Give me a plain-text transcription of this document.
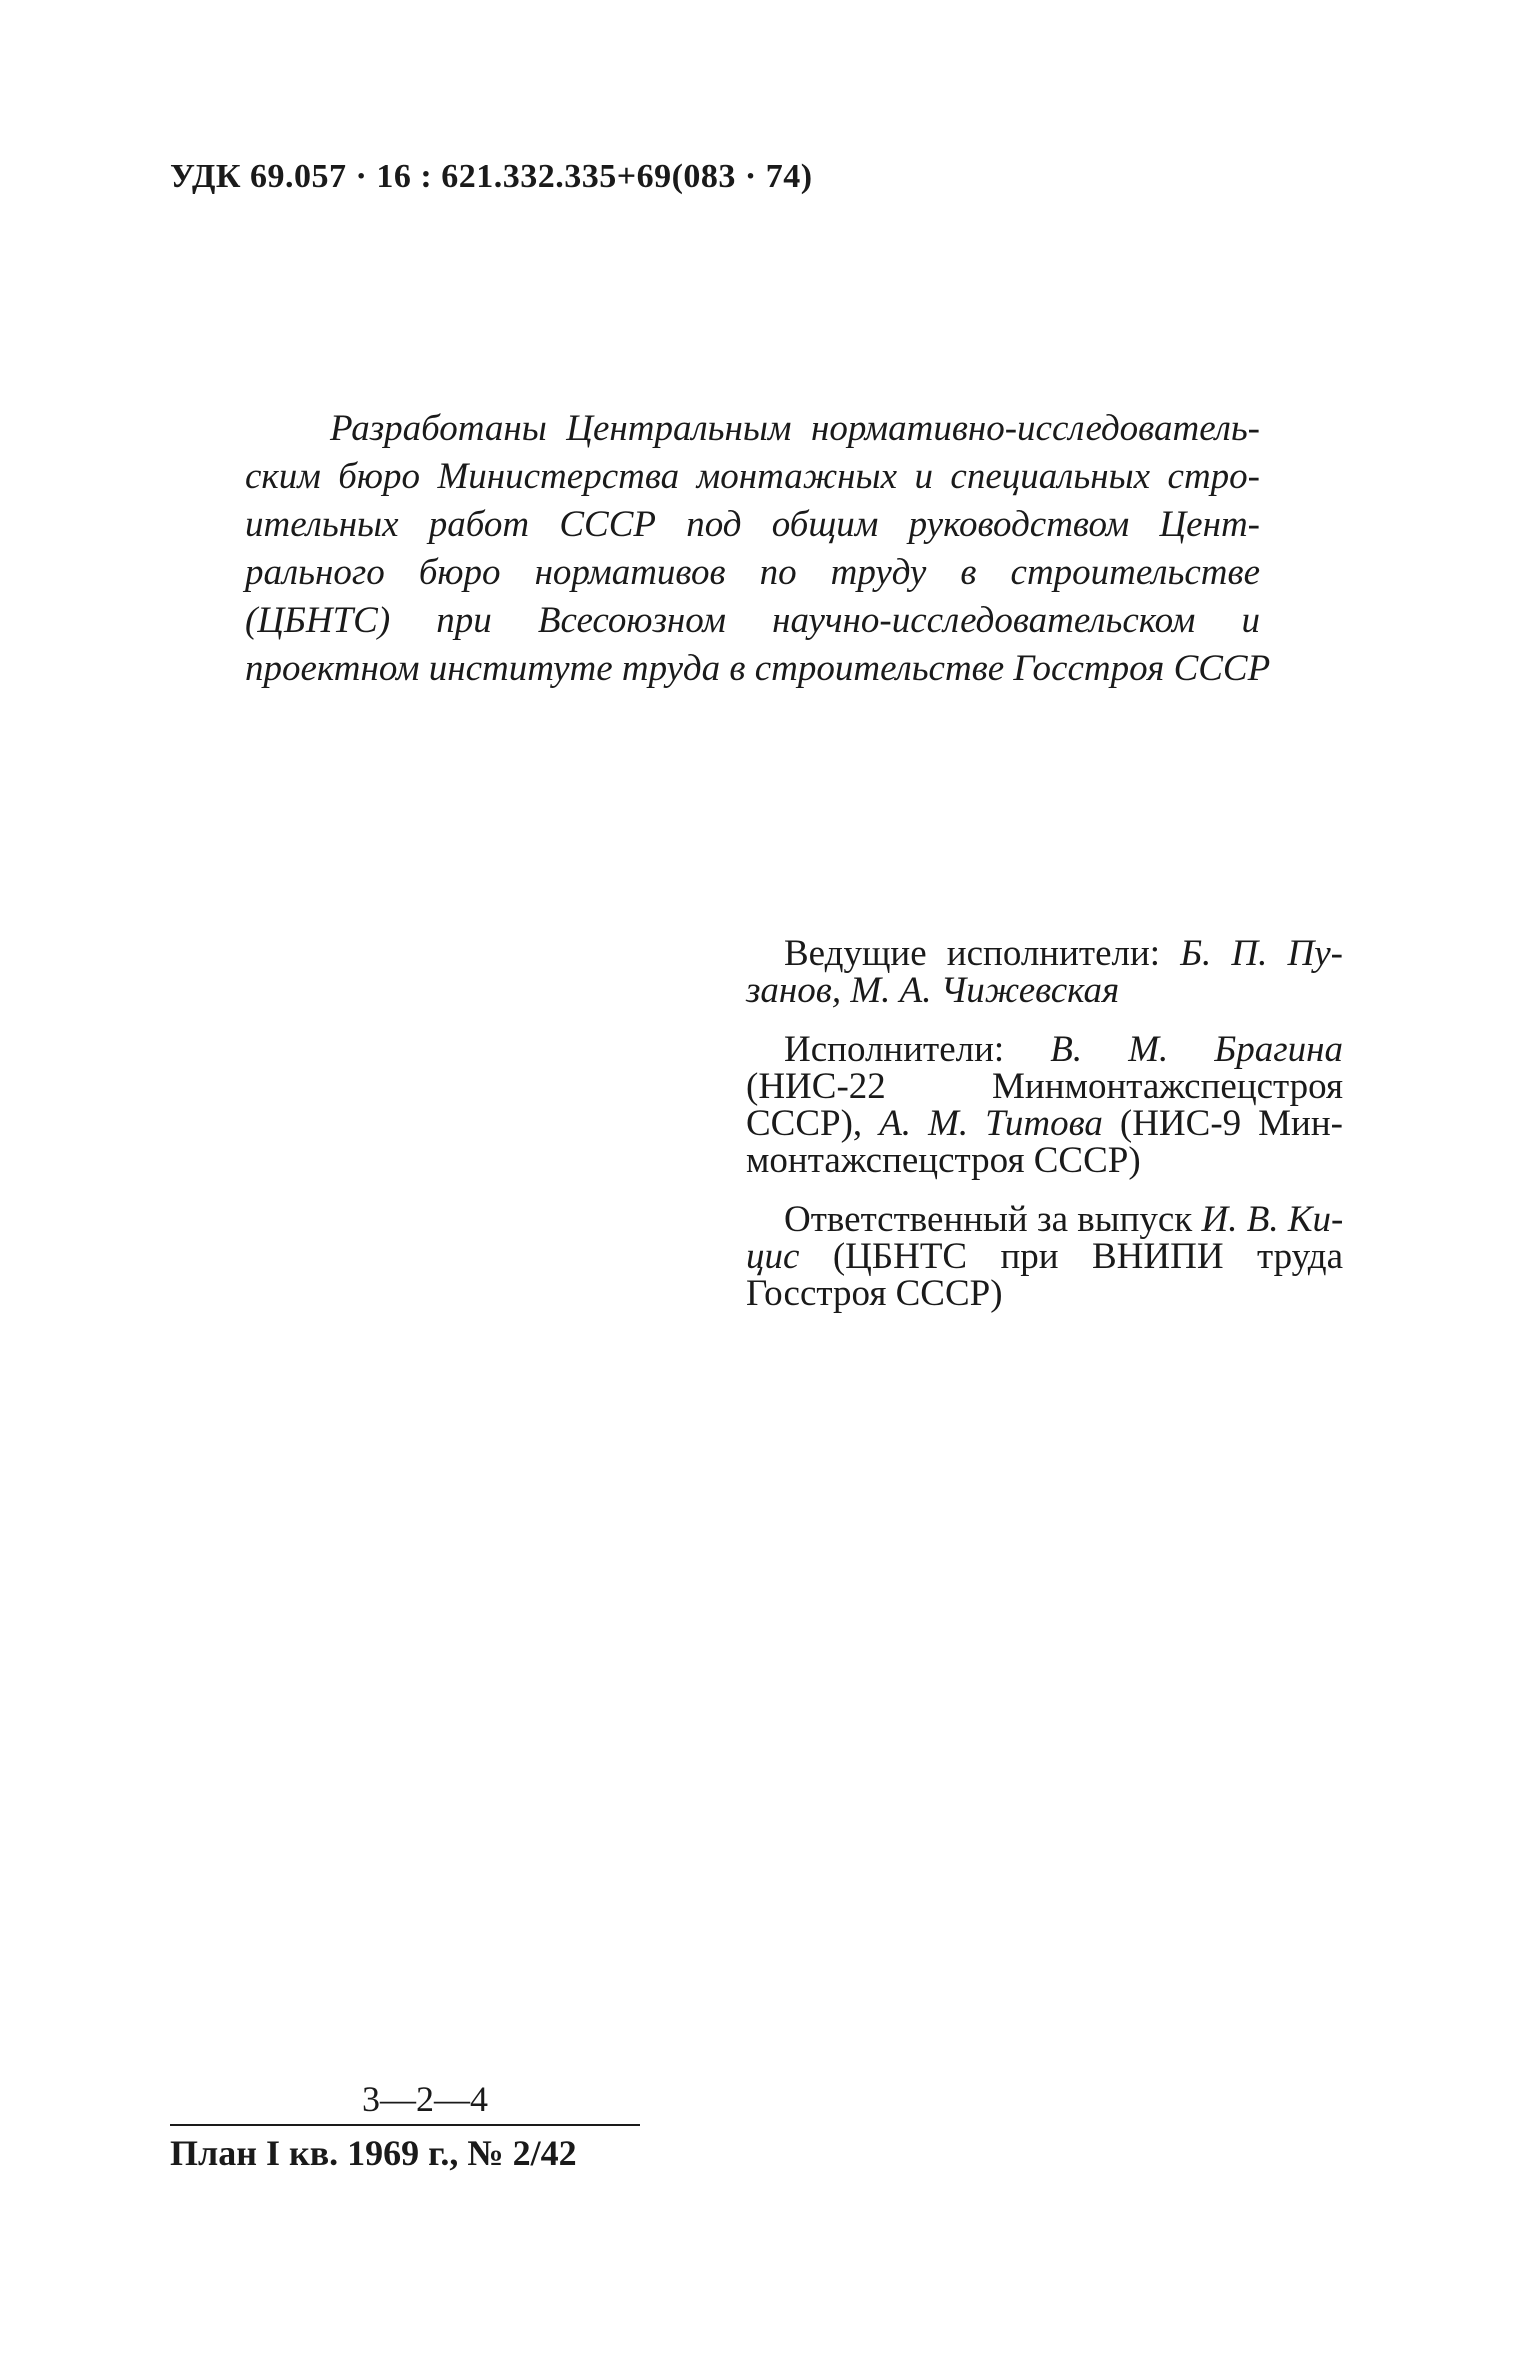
УДК 69.057 · 16 : 621.332.335+69(083 · 74)
Разработаны Центральным нормативно-исследователь-
ским бюро Министерства монтажных и специальных стро-
ительных работ СССР под общим руководством Цент-
рального бюро нормативов по труду в строительстве
(ЦБНТС) при Всесоюзном научно-исследовательском и
проектном институте труда в строительстве Госстроя СССР
Ведущие исполнители: Б. П. Пу-
занов, М. А. Чижевская
Исполнители: В. М. Брагина
(НИС-22 Минмонтажспецстроя
СССР), А. М. Титова (НИС-9 Мин-
монтажспецстроя СССР)
Ответственный за выпуск И. В. Ки-
цис (ЦБНТС при ВНИПИ труда
Госстроя СССР)
3—2—4
План I кв. 1969 г., № 2/42
